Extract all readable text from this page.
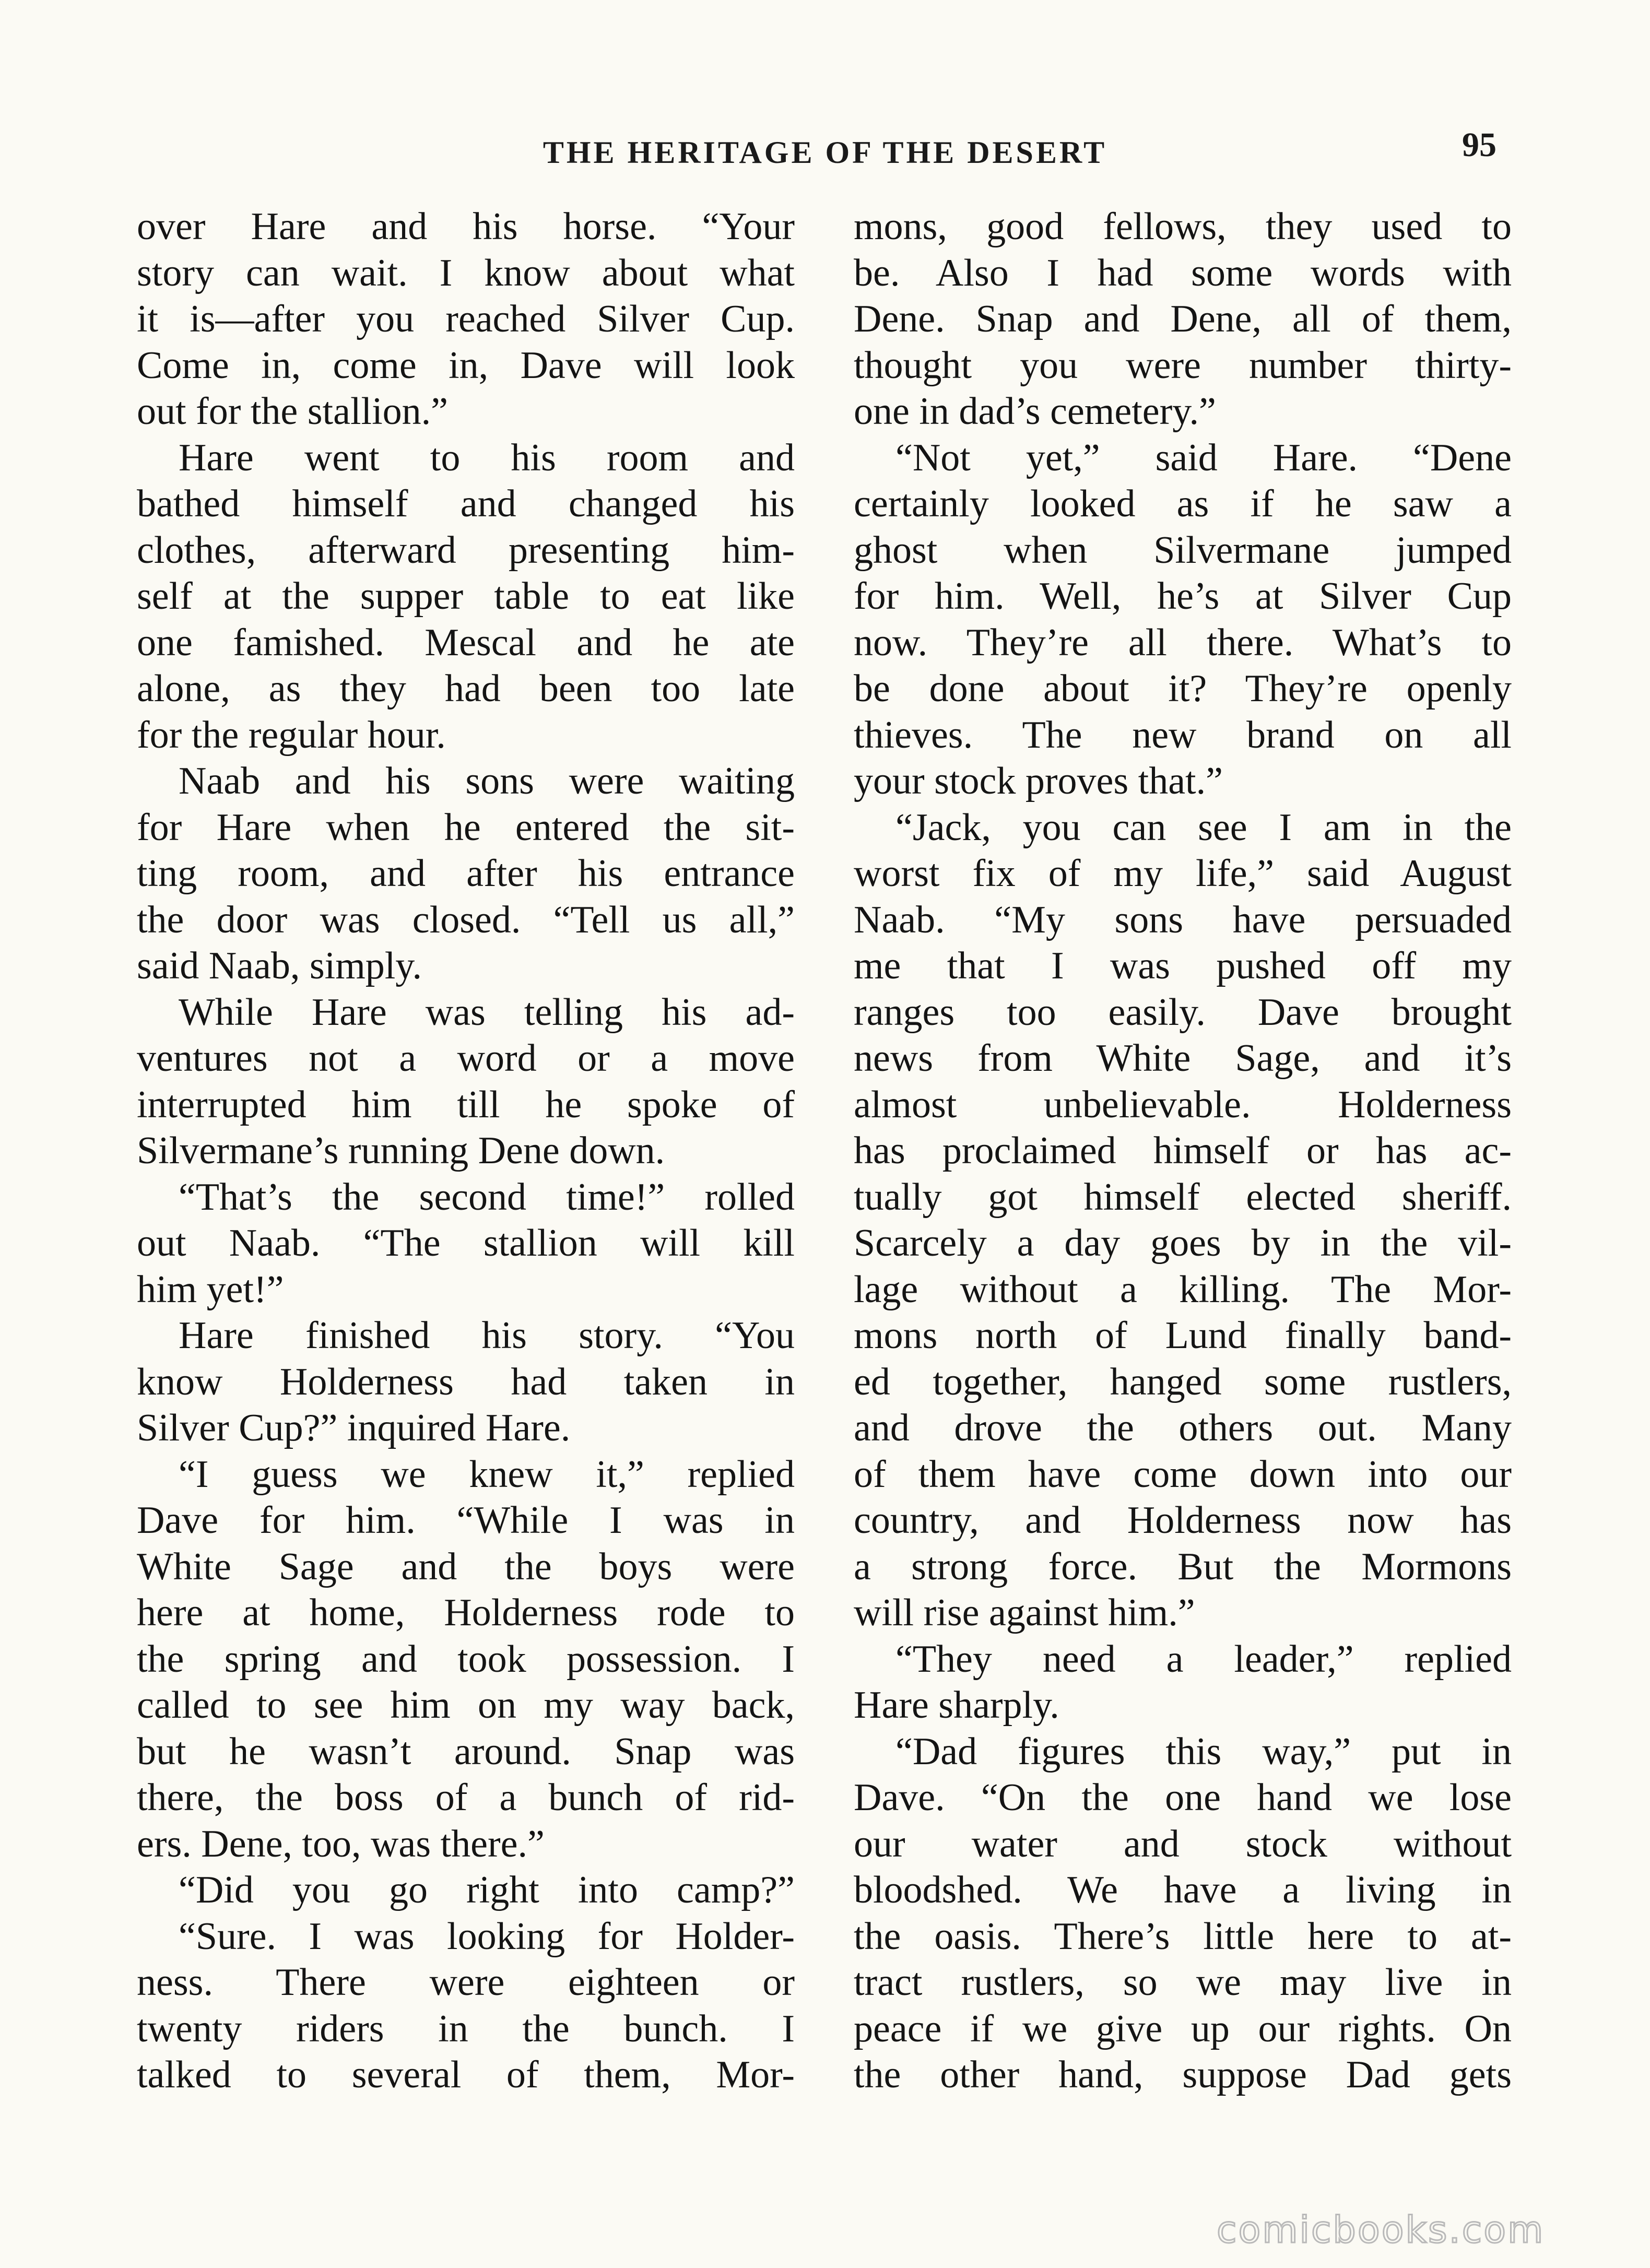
THE HERITAGE OF THE DESERT	95
over Hare and his horse. “Your
story can wait. I know about what
it is—after you reached Silver Cup.
Come in, come in, Dave will look
out for the stallion.”
Hare went to his room and
bathed himself and changed his
clothes, afterward presenting him-
self at the supper table to eat like
one famished. Mescal and he ate
alone, as they had been too late
for the regular hour.
Naab and his sons were waiting
for Hare when he entered the sit-
ting room, and after his entrance
the door was closed. “Tell us all,”
said Naab, simply.
While Hare was telling his ad-
ventures not a word or a move
interrupted him till he spoke of
Silvermane’s running Dene down.
“That’s the second time!” rolled
out Naab. “The stallion will kill
him yet!”
Hare finished his story. “You
know Holderness had taken in
Silver Cup?” inquired Hare.
“I guess we knew it,” replied
Dave for him. “While I was in
White Sage and the boys were
here at home, Holderness rode to
the spring and took possession. I
called to see him on my way back,
but he wasn’t around. Snap was
there, the boss of a bunch of rid-
ers. Dene, too, was there.”
“Did you go right into camp?”
“Sure. I was looking for Holder-
ness. There were eighteen or
twenty riders in the bunch. I
talked to several of them, Mor-
mons, good fellows, they used to
be. Also I had some words with
Dene. Snap and Dene, all of them,
thought you were number thirty-
one in dad’s cemetery.”
“Not yet,” said Hare. “Dene
certainly looked as if he saw a
ghost when Silvermane jumped
for him. Well, he’s at Silver Cup
now. They’re all there. What’s to
be done about it? They’re openly
thieves. The new brand on all
your stock proves that.”
“Jack, you can see I am in the
worst fix of my life,” said August
Naab. “My sons have persuaded
me that I was pushed off my
ranges too easily. Dave brought
news from White Sage, and it’s
almost unbelievable. Holderness
has proclaimed himself or has ac-
tually got himself elected sheriff.
Scarcely a day goes by in the vil-
lage without a killing. The Mor-
mons north of Lund finally band-
ed together, hanged some rustlers,
and drove the others out. Many
of them have come down into our
country, and Holderness now has
a strong force. But the Mormons
will rise against him.”
“They need a leader,” replied
Hare sharply.
“Dad figures this way,” put in
Dave. “On the one hand we lose
our water and stock without
bloodshed. We have a living in
the oasis. There’s little here to at-
tract rustlers, so we may live in
peace if we give up our rights. On
the other hand, suppose Dad gets
comicbooks.com
